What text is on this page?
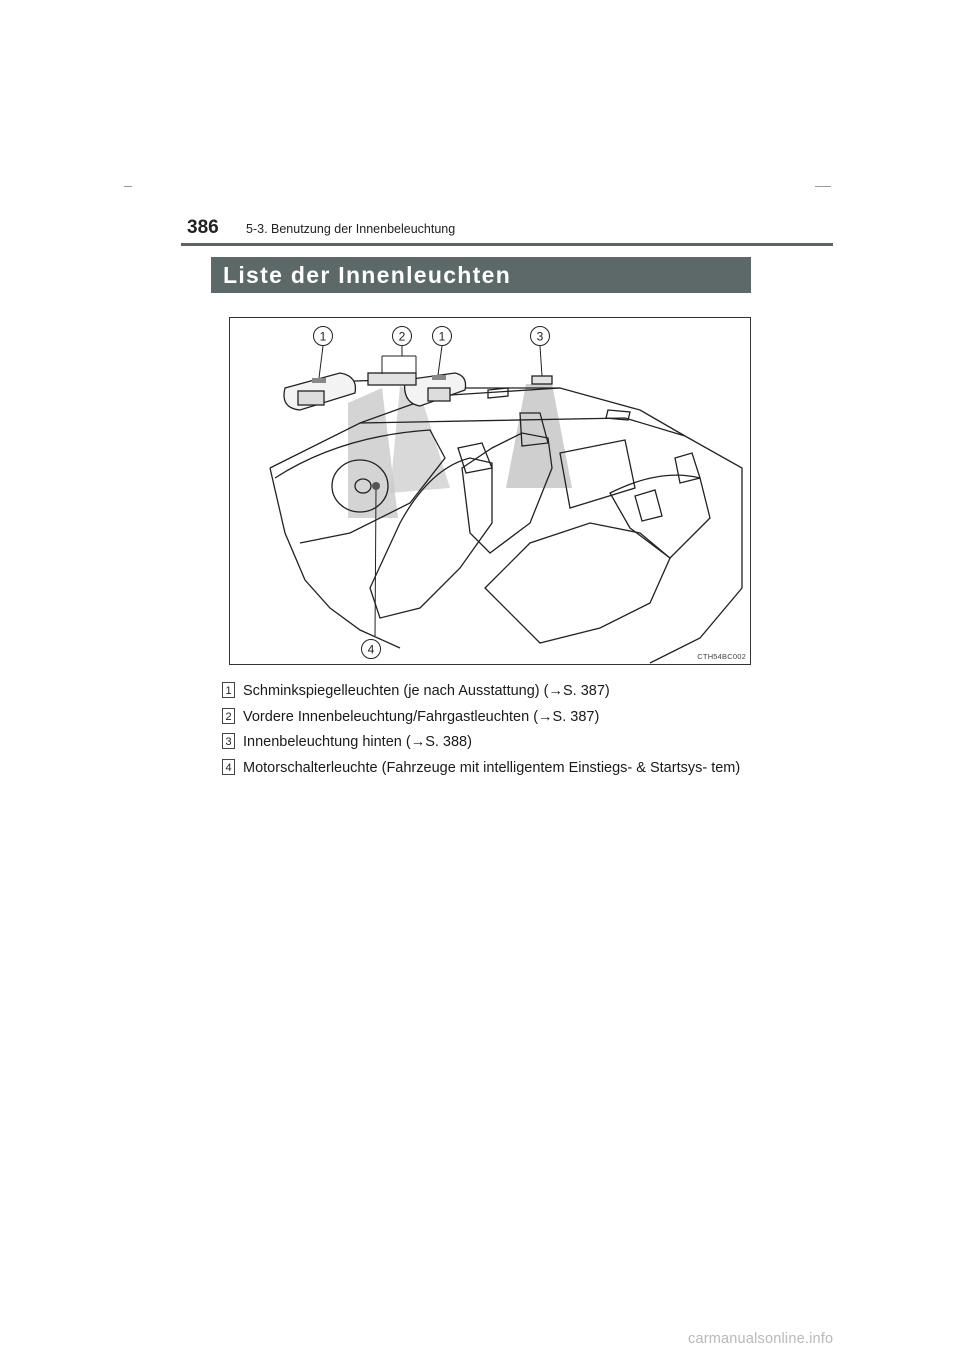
386 5-3. Benutzung der Innenbeleuchtung
Liste der Innenleuchten
1	2	1	3
4	CTH54BC002
1 Schminkspiegelleuchten (je nach Ausstattung) (→S. 387)
2 Vordere Innenbeleuchtung/Fahrgastleuchten (→S. 387)
3 Innenbeleuchtung hinten (→S. 388)
4 Motorschalterleuchte (Fahrzeuge mit intelligentem Einstiegs- & Startsys- tem)
carmanualsonline.info
